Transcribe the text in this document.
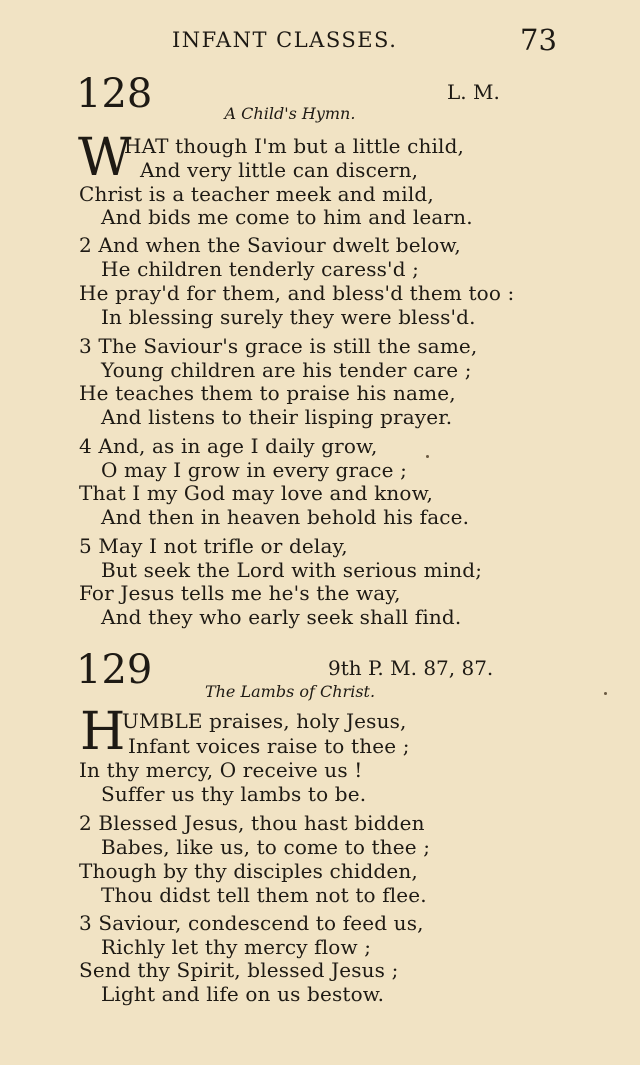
INFANT CLASSES.	73
128	L. M.
A Child's Hymn.
W
HAT though I'm but a little child,
And very little can discern,
Christ is a teacher meek and mild,
And bids me come to him and learn.
2 And when the Saviour dwelt below,
He children tenderly caress'd ;
He pray'd for them, and bless'd them too :
In blessing surely they were bless'd.
3 The Saviour's grace is still the same,
Young children are his tender care ;
He teaches them to praise his name,
And listens to their lisping prayer.
4 And, as in age I daily grow,
O may I grow in every grace ;
That I my God may love and know,
And then in heaven behold his face.
5 May I not trifle or delay,
But seek the Lord with serious mind;
For Jesus tells me he's the way,
And they who early seek shall find.
129	9th P. M. 87, 87.
The Lambs of Christ.
H
UMBLE praises, holy Jesus,
Infant voices raise to thee ;
In thy mercy, O receive us !
Suffer us thy lambs to be.
2 Blessed Jesus, thou hast bidden
Babes, like us, to come to thee ;
Though by thy disciples chidden,
Thou didst tell them not to flee.
3 Saviour, condescend to feed us,
Richly let thy mercy flow ;
Send thy Spirit, blessed Jesus ;
Light and life on us bestow.
